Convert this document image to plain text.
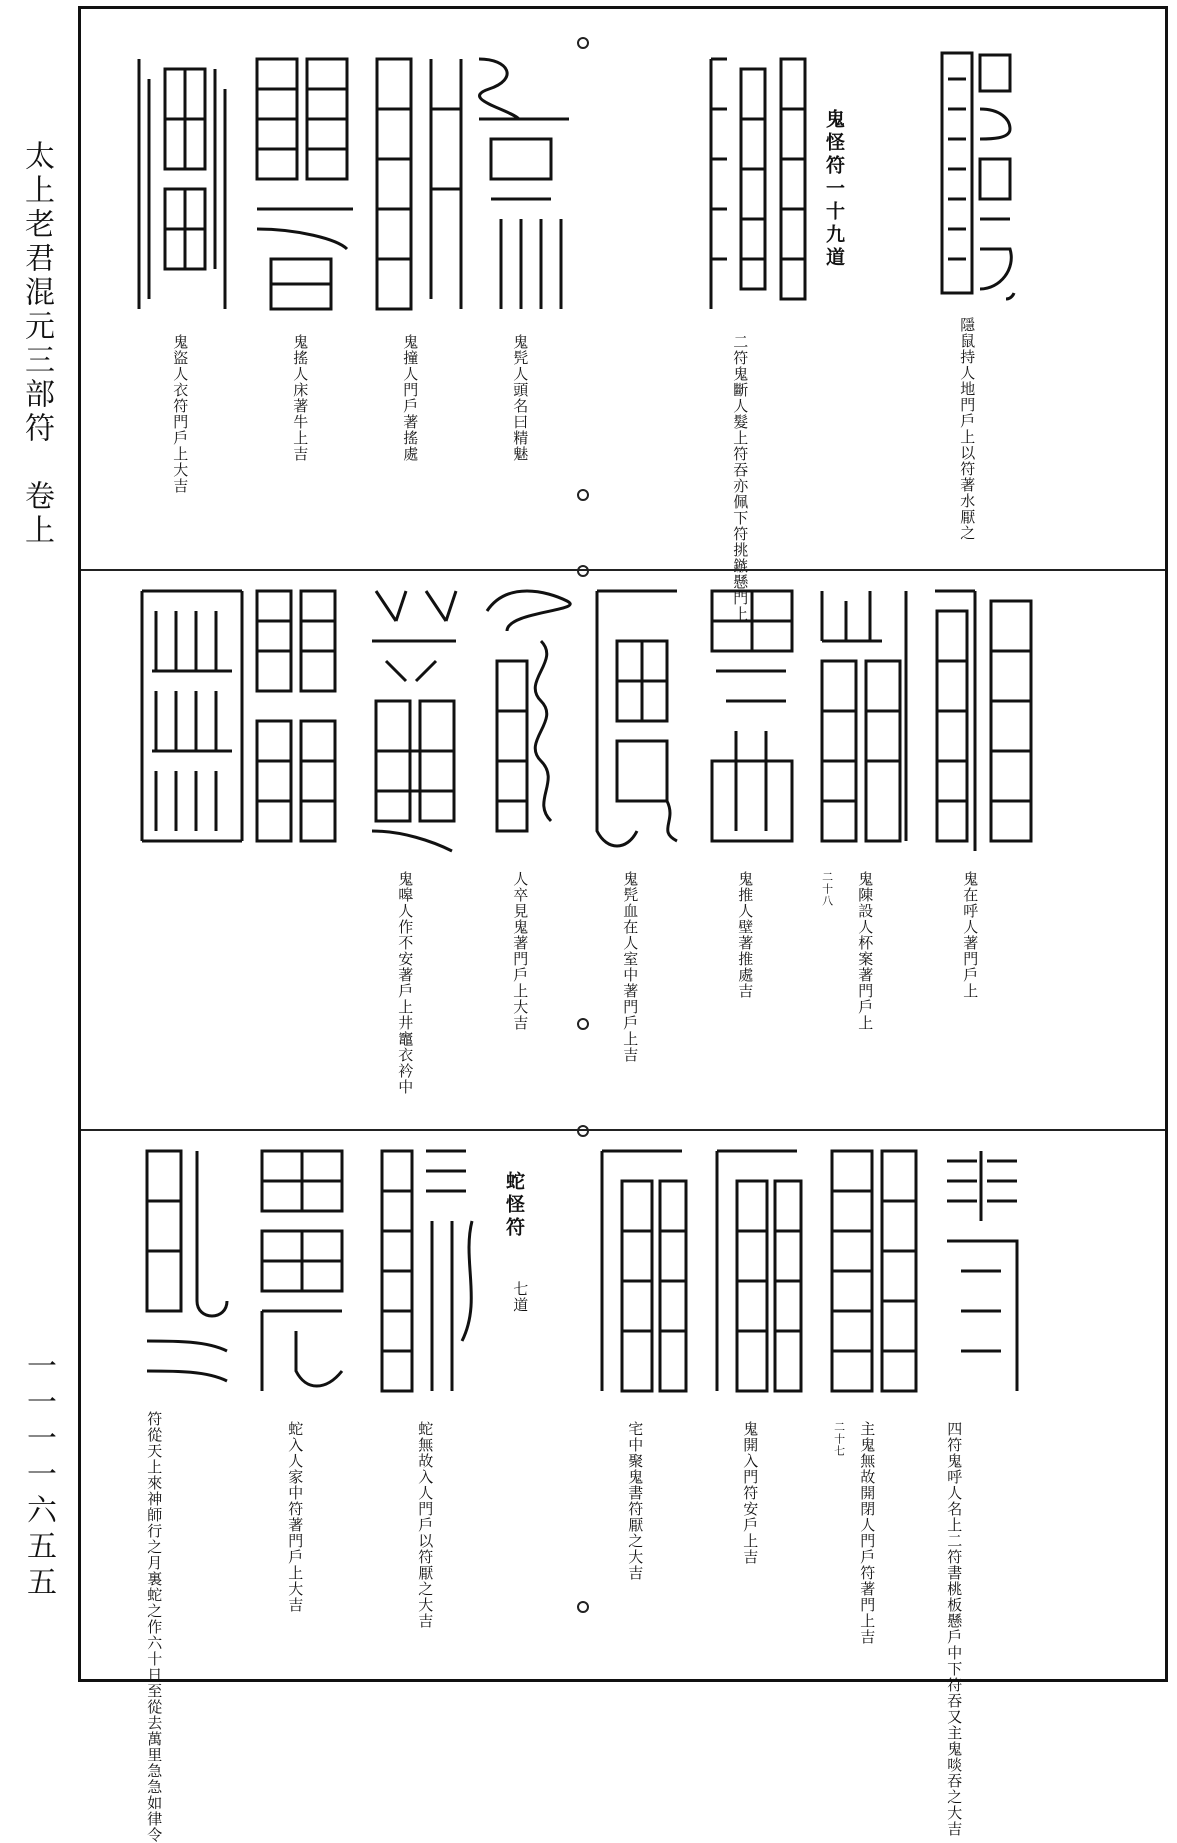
太上老君混元三部符　卷上
一一一一六五五
鬼怪符一十九道
隱鼠持人地門戶上以符著水厭之
二符鬼斷人髮上符吞亦佩下符挑鏃懸門上
鬼髠人頭名曰精魅
鬼撞人門戶著搖處
鬼搖人床著牛上吉
鬼盜人衣符門戶上大吉
鬼在呼人著門戶上
鬼陳設人杯案著門戶上
二十八
鬼推人壁著推處吉
鬼髠血在人室中著門戶上吉
人卒見鬼著門戶上大吉
鬼嗥人作不安著戶上井竈衣衿中
蛇怪符
七道
四符鬼呼人名上二符書桃板懸戶中下符吞又主鬼啖吞之大吉
主鬼無故開閉人門戶符著門上吉
二十七
鬼開入門符安戶上吉
宅中聚鬼書符厭之大吉
蛇無故入人門戶以符厭之大吉
蛇入人家中符著門戶上大吉
符從天上來神師行之月裏蛇之作六十日至從去萬里急急如律令
